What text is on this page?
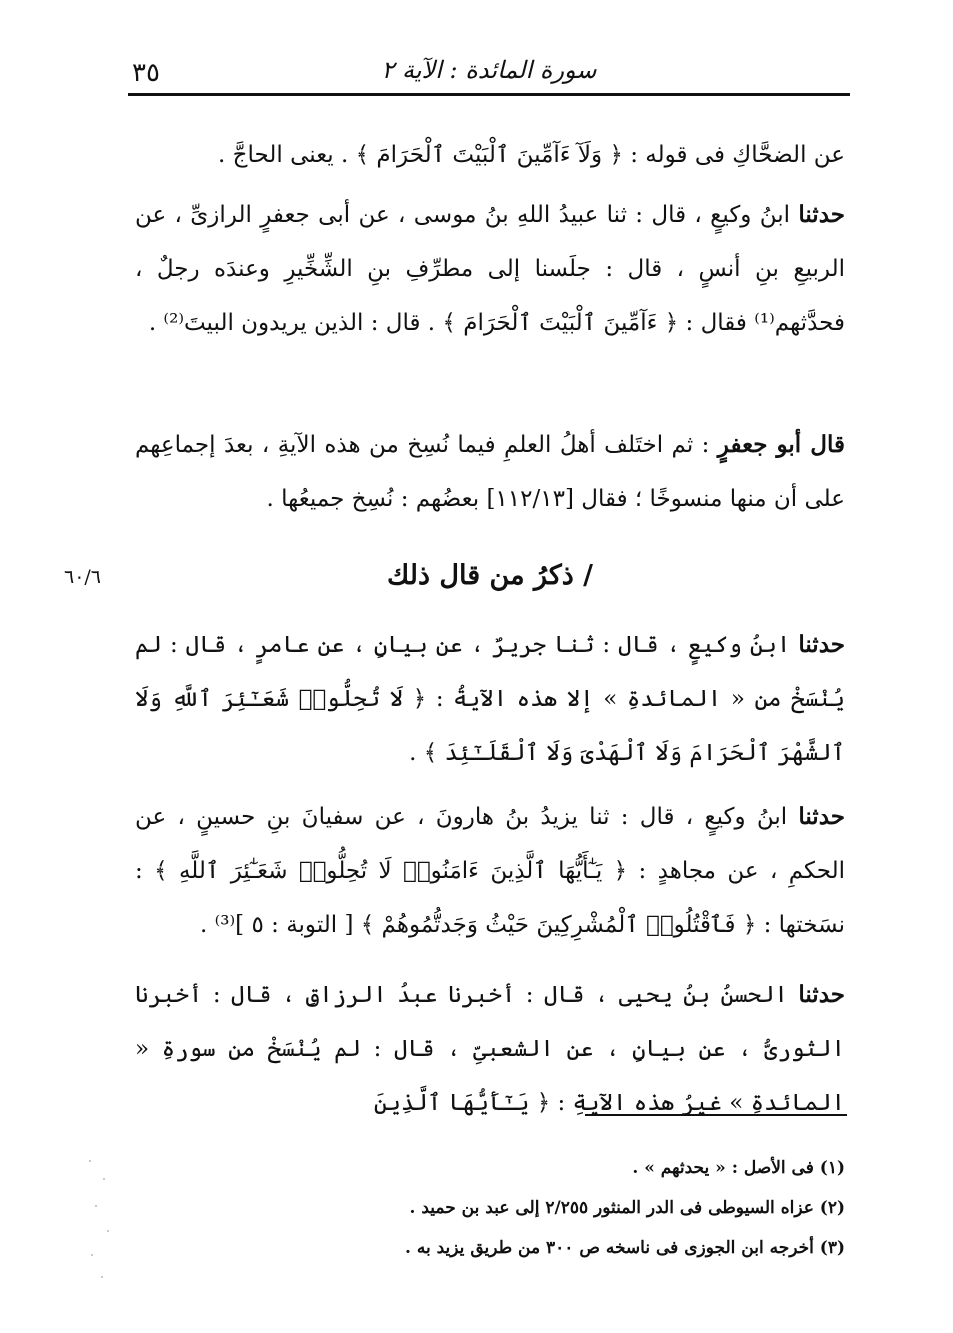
٣٥	سورة المائدة : الآية ٢

عن الضحَّاكِ فى قوله : ﴿ وَلَآ ءَآمِّينَ ٱلْبَيْتَ ٱلْحَرَامَ ﴾ . يعنى الحاجَّ .

حدثنا ابنُ وكيعٍ ، قال : ثنا عبيدُ اللهِ بنُ موسى ، عن أبى جعفرٍ الرازىِّ ، عن الربيعِ بنِ أنسٍ ، قال : جلَسنا إلى مطرِّفِ بنِ الشِّخِّيرِ وعندَه رجلٌ ، فحدَّثهم⁽¹⁾ فقال : ﴿ ءَآمِّينَ ٱلْبَيْتَ ٱلْحَرَامَ ﴾ . قال : الذين يريدون البيتَ⁽²⁾ .

قال أبو جعفرٍ : ثم اختَلف أهلُ العلمِ فيما نُسِخ من هذه الآيةِ ، بعدَ إجماعِهم على أن منها منسوخًا ؛ فقال [١١٢/١٣] بعضُهم : نُسِخ جميعُها .

/ ذكرُ من قال ذلك
٦٠/٦

حدثنا ابنُ وكيعٍ ، قال : ثنا جريرٌ ، عن بيانٍ ، عن عامرٍ ، قال : لم يُنْسَخْ من « المائدةِ » إلا هذه الآيةُ : ﴿ لَا تُحِلُّوا۟ شَعَـٰٓئِرَ ٱللَّهِ وَلَا ٱلشَّهْرَ ٱلْحَرَامَ وَلَا ٱلْهَدْىَ وَلَا ٱلْقَلَـٰٓئِدَ ﴾ .

حدثنا ابنُ وكيعٍ ، قال : ثنا يزيدُ بنُ هارونَ ، عن سفيانَ بنِ حسينٍ ، عن الحكمِ ، عن مجاهدٍ : ﴿ يَـٰٓأَيُّهَا ٱلَّذِينَ ءَامَنُوا۟ لَا تُحِلُّوا۟ شَعَـٰٓئِرَ ٱللَّهِ ﴾ : نسَختها : ﴿ فَٱقْتُلُوا۟ ٱلْمُشْرِكِينَ حَيْثُ وَجَدتُّمُوهُمْ ﴾ [ التوبة : ٥ ]⁽³⁾ .

حدثنا الحسنُ بنُ يحيى ، قال : أخبرنا عبدُ الرزاقِ ، قال : أخبرنا الثورىُّ ، عن بيانٍ ، عن الشعبىِّ ، قال : لم يُنْسَخْ من سورةِ « المائدةِ » غيرُ هذه الآيةِ : ﴿ يَـٰٓأَيُّهَا ٱلَّذِينَ

(١) فى الأصل : « يحدثهم » .

(٢) عزاه السيوطى فى الدر المنثور ٢/٢٥٥ إلى عبد بن حميد .

(٣) أخرجه ابن الجوزى فى ناسخه ص ٣٠٠ من طريق يزيد به .
